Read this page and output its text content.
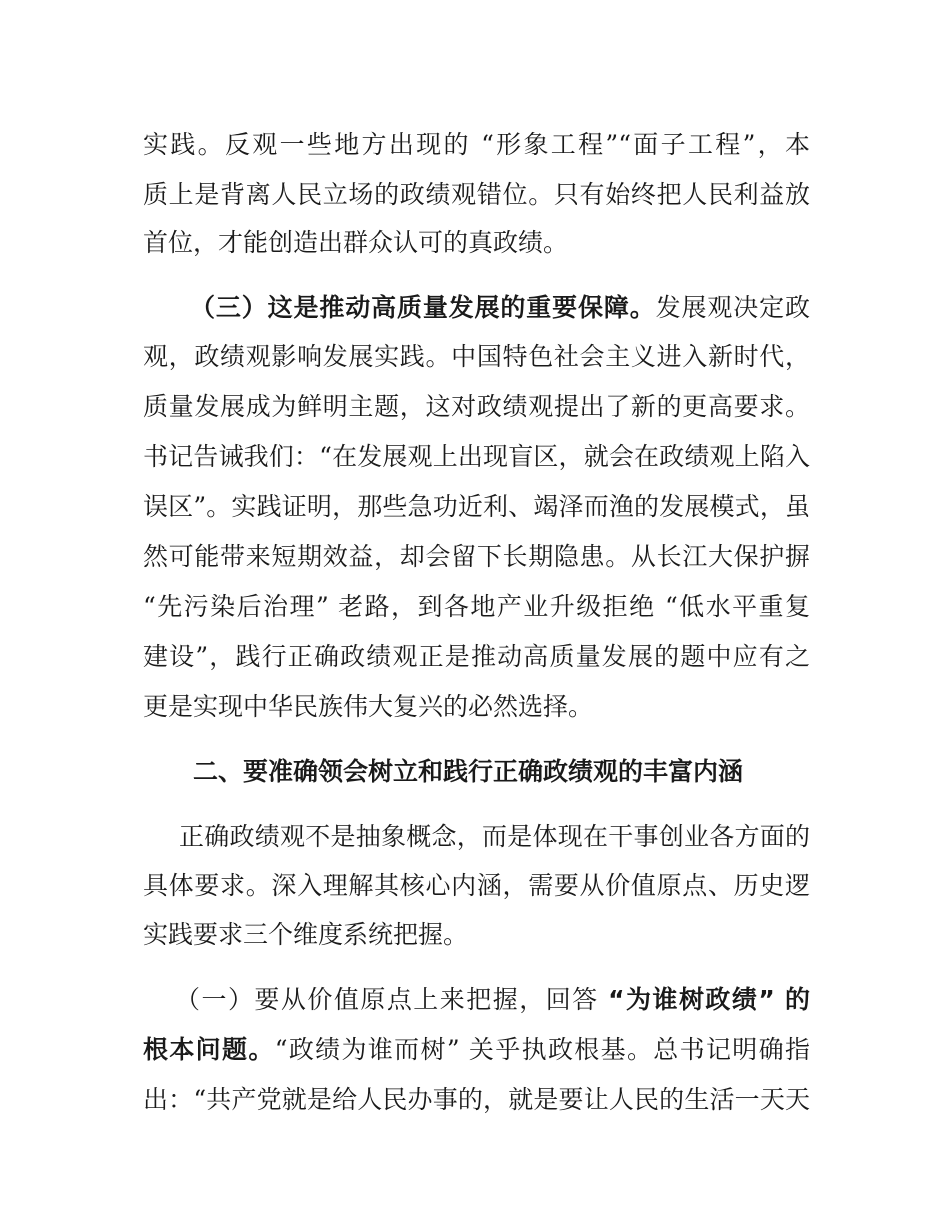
实践。反观一些地方出现的 “形象工程”“面子工程”，本
质上是背离人民立场的政绩观错位。只有始终把人民利益放
首位，才能创造出群众认可的真政绩。
（三）这是推动高质量发展的重要保障。发展观决定政
观，政绩观影响发展实践。中国特色社会主义进入新时代，
质量发展成为鲜明主题，这对政绩观提出了新的更高要求。
书记告诫我们：“在发展观上出现盲区，就会在政绩观上陷入
误区”。实践证明，那些急功近利、竭泽而渔的发展模式，虽
然可能带来短期效益，却会留下长期隐患。从长江大保护摒
“先污染后治理” 老路，到各地产业升级拒绝 “低水平重复
建设”，践行正确政绩观正是推动高质量发展的题中应有之
更是实现中华民族伟大复兴的必然选择。
二、要准确领会树立和践行正确政绩观的丰富内涵
正确政绩观不是抽象概念，而是体现在干事创业各方面的
具体要求。深入理解其核心内涵，需要从价值原点、历史逻
实践要求三个维度系统把握。
（一）要从价值原点上来把握，回答 “为谁树政绩” 的
根本问题。“政绩为谁而树” 关乎执政根基。总书记明确指
出：“共产党就是给人民办事的，就是要让人民的生活一天天
